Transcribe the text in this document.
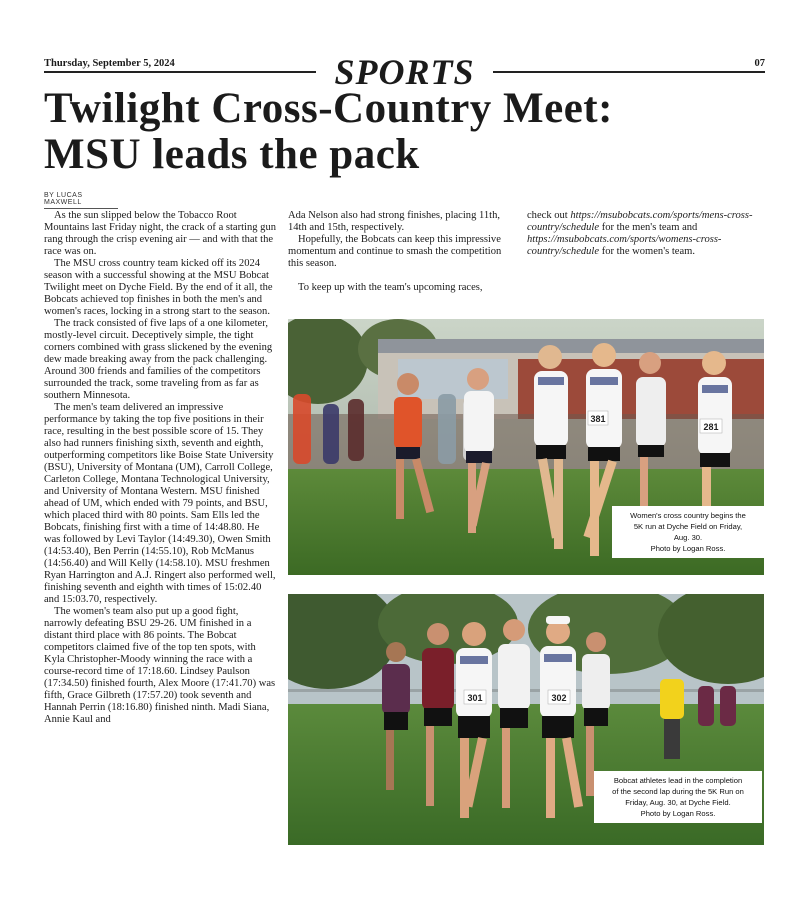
Thursday, September 5, 2024	SPORTS	07
Twilight Cross-Country Meet:
MSU leads the pack
BY LUCAS MAXWELL

As the sun slipped below the Tobacco Root Mountains last Friday night, the crack of a starting gun rang through the crisp evening air — and with that the race was on.

The MSU cross country team kicked off its 2024 season with a successful showing at the MSU Bobcat Twilight meet on Dyche Field. By the end of it all, the Bobcats achieved top finishes in both the men's and women's races, locking in a strong start to the season.

The track consisted of five laps of a one kilometer, mostly-level circuit. Deceptively simple, the tight corners combined with grass slickened by the evening dew made breaking away from the pack challenging. Around 300 friends and families of the competitors surrounded the track, some traveling from as far as southern Minnesota.

The men's team delivered an impressive performance by taking the top five positions in their race, resulting in the best possible score of 15. They also had runners finishing sixth, seventh and eighth, outperforming competitors like Boise State University (BSU), University of Montana (UM), Carroll College, Carleton College, Montana Technological University, and University of Montana Western. MSU finished ahead of UM, which ended with 79 points, and BSU, which placed third with 80 points. Sam Ells led the Bobcats, finishing first with a time of 14:48.80. He was followed by Levi Taylor (14:49.30), Owen Smith (14:53.40), Ben Perrin (14:55.10), Rob McManus (14:56.40) and Will Kelly (14:58.10). MSU freshmen Ryan Harrington and A.J. Ringert also performed well, finishing seventh and eighth with times of 15:02.40 and 15:03.70, respectively.

The women's team also put up a good fight, narrowly defeating BSU 29-26. UM finished in a distant third place with 86 points. The Bobcat competitors claimed five of the top ten spots, with Kyla Christopher-Moody winning the race with a course-record time of 17:18.60. Lindsey Paulson (17:34.50) finished fourth, Alex Moore (17:41.70) was fifth, Grace Gilbreth (17:57.20) took seventh and Hannah Perrin (18:16.80) finished ninth. Madi Siana, Annie Kaul and

Ada Nelson also had strong finishes, placing 11th, 14th and 15th, respectively.

Hopefully, the Bobcats can keep this impressive momentum and continue to smash the competition this season.

To keep up with the team's upcoming races,

check out https://msubobcats.com/sports/mens-cross-country/schedule for the men's team and https://msubobcats.com/sports/womens-cross-country/schedule for the women's team.

381
281
Women's cross country begins the
5K run at Dyche Field on Friday,
Aug. 30.
Photo by Logan Ross.
301	302
Bobcat athletes lead in the completion
of the second lap during the 5K Run on
Friday, Aug. 30, at Dyche Field.
Photo by Logan Ross.
